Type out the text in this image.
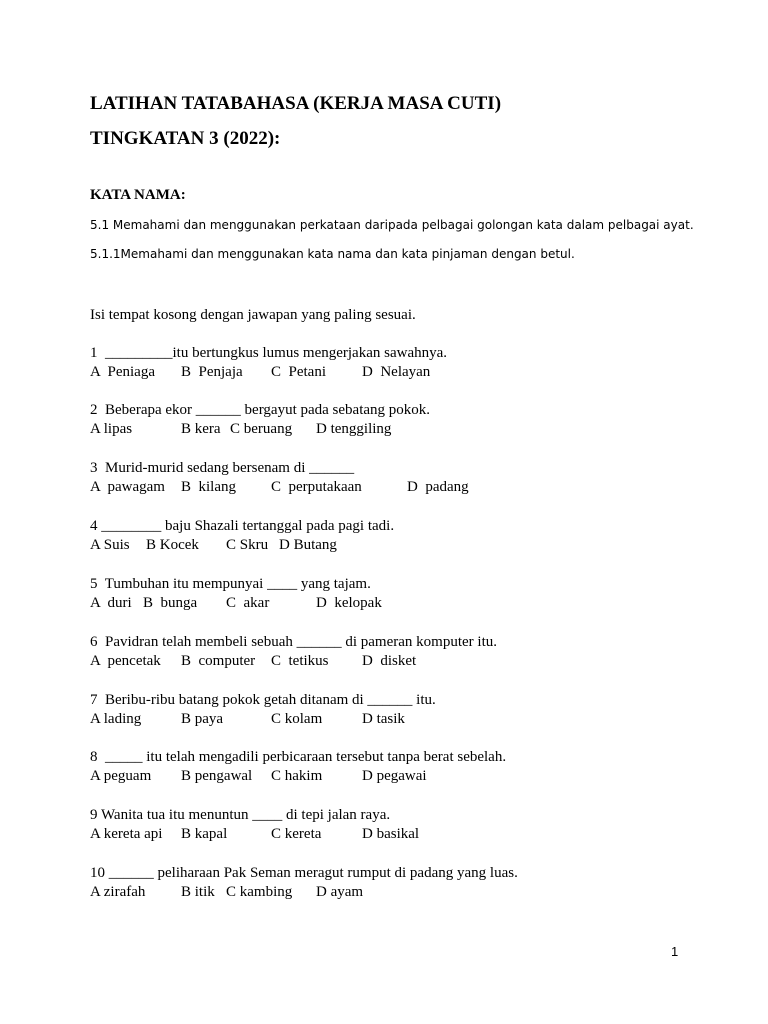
LATIHAN TATABAHASA (KERJA MASA CUTI)
TINGKATAN 3 (2022):

KATA NAMA:

5.1 Memahami dan menggunakan perkataan daripada pelbagai golongan kata dalam pelbagai ayat.

5.1.1Memahami dan menggunakan kata nama dan kata pinjaman dengan betul.

Isi tempat kosong dengan jawapan yang paling sesuai.

1  _________itu bertungkus lumus mengerjakan sawahnya.

A  Peniaga B  Penjaja C  Petani D  Nelayan

2  Beberapa ekor ______ bergayut pada sebatang pokok.

A lipas	B kera C beruang D tenggiling

3  Murid-murid sedang bersenam di ______

A  pawagam B  kilang C  perputakaan	D  padang

4 ________ baju Shazali tertanggal pada pagi tadi.

A Suis B Kocek C Skru D Butang

5  Tumbuhan itu mempunyai ____ yang tajam.

A  duri B  bunga C  akar	D  kelopak

6  Pavidran telah membeli sebuah ______ di pameran komputer itu.

A  pencetak B  computer C  tetikus D  disket

7  Beribu-ribu batang pokok getah ditanam di ______ itu.

A lading	B paya	C kolam	D tasik

8  _____ itu telah mengadili perbicaraan tersebut tanpa berat sebelah.

A peguam B pengawal C hakim	D pegawai

9 Wanita tua itu menuntun ____ di tepi jalan raya.

A kereta api B kapal	C kereta	D basikal

10 ______ peliharaan Pak Seman meragut rumput di padang yang luas.

A zirafah B itik C kambing D ayam
1
